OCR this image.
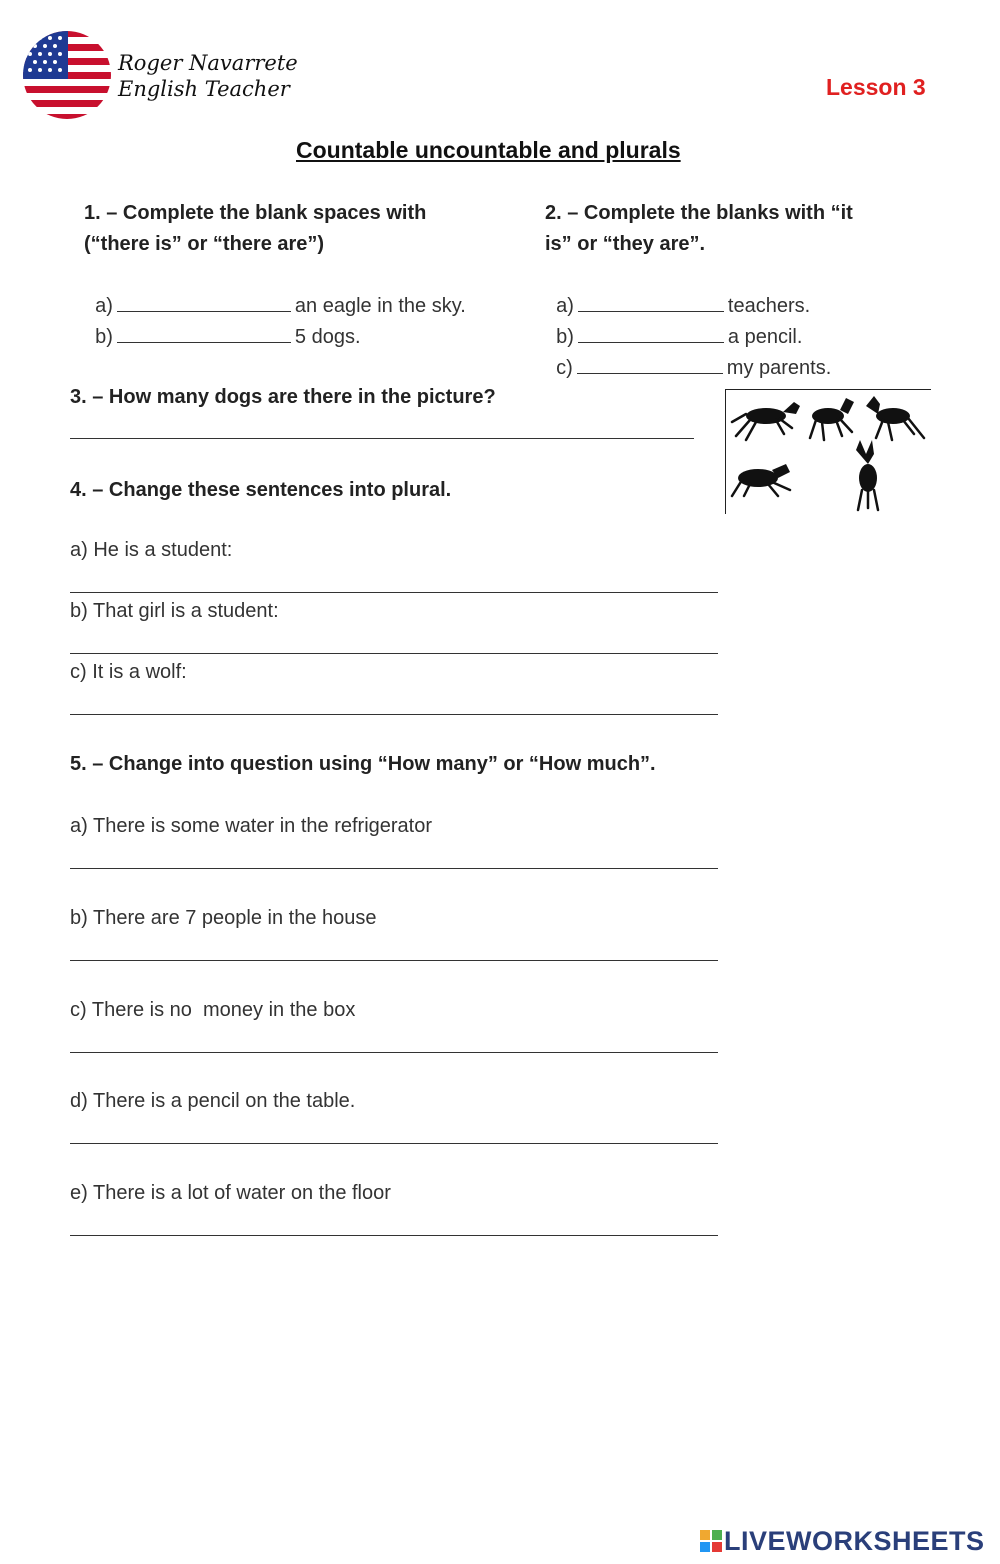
Roger Navarrete
English Teacher	Lesson 3
Countable uncountable and plurals
1. – Complete the blank spaces with
(“there is” or “there are”)

a)	an eagle in the sky.

b)	5 dogs.

2. – Complete the blanks with “it
is” or “they are”.

a)	teachers.

b)	a pencil.

c)	my parents.

3. – How many dogs are there in the picture?
4. – Change these sentences into plural.
a) He is a student:
b) That girl is a student:
c) It is a wolf:
5. – Change into question using “How many” or “How much”.
a) There is some water in the refrigerator
b) There are 7 people in the house
c) There is no  money in the box
d) There is a pencil on the table.
e) There is a lot of water on the floor
LIVEWORKSHEETS
